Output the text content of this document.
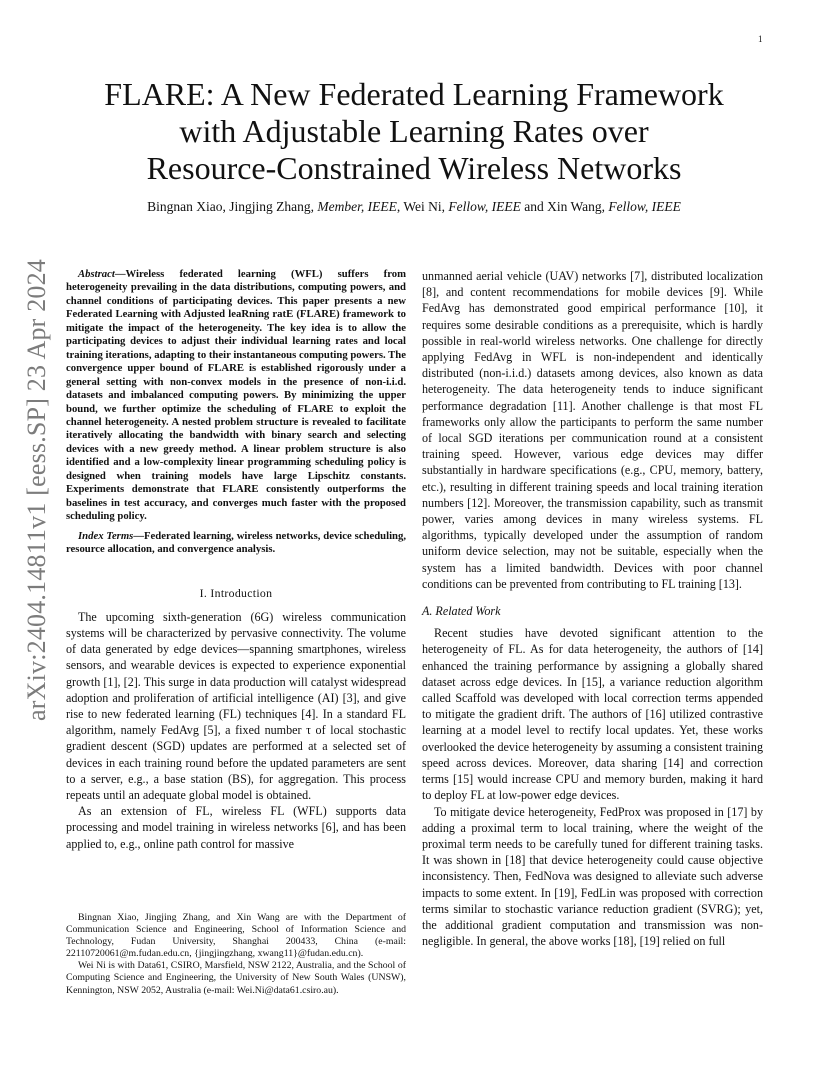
1
arXiv:2404.14811v1 [eess.SP] 23 Apr 2024
FLARE: A New Federated Learning Framework
with Adjustable Learning Rates over
Resource-Constrained Wireless Networks
Bingnan Xiao, Jingjing Zhang, Member, IEEE, Wei Ni, Fellow, IEEE and Xin Wang, Fellow, IEEE
Abstract—Wireless federated learning (WFL) suffers from heterogeneity prevailing in the data distributions, computing powers, and channel conditions of participating devices. This paper presents a new Federated Learning with Adjusted leaRning ratE (FLARE) framework to mitigate the impact of the heterogeneity. The key idea is to allow the participating devices to adjust their individual learning rates and local training iterations, adapting to their instantaneous computing powers. The convergence upper bound of FLARE is established rigorously under a general setting with non-convex models in the presence of non-i.i.d. datasets and imbalanced computing powers. By minimizing the upper bound, we further optimize the scheduling of FLARE to exploit the channel heterogeneity. A nested problem structure is revealed to facilitate iteratively allocating the bandwidth with binary search and selecting devices with a new greedy method. A linear problem structure is also identified and a low-complexity linear programming scheduling policy is designed when training models have large Lipschitz constants. Experiments demonstrate that FLARE consistently outperforms the baselines in test accuracy, and converges much faster with the proposed scheduling policy.
Index Terms—Federated learning, wireless networks, device scheduling, resource allocation, and convergence analysis.
I. Introduction

The upcoming sixth-generation (6G) wireless communication systems will be characterized by pervasive connectivity. The volume of data generated by edge devices—spanning smartphones, wireless sensors, and wearable devices is expected to experience exponential growth [1], [2]. This surge in data production will catalyst widespread adoption and proliferation of artificial intelligence (AI) [3], and give rise to new federated learning (FL) techniques [4]. In a standard FL algorithm, namely FedAvg [5], a fixed number τ of local stochastic gradient descent (SGD) updates are performed at a selected set of devices in each training round before the updated parameters are sent to a server, e.g., a base station (BS), for aggregation. This process repeats until an adequate global model is obtained.

As an extension of FL, wireless FL (WFL) supports data processing and model training in wireless networks [6], and has been applied to, e.g., online path control for massive

Bingnan Xiao, Jingjing Zhang, and Xin Wang are with the Department of Communication Science and Engineering, School of Information Science and Technology, Fudan University, Shanghai 200433, China (e-mail: 22110720061@m.fudan.edu.cn, {jingjingzhang, xwang11}@fudan.edu.cn).

Wei Ni is with Data61, CSIRO, Marsfield, NSW 2122, Australia, and the School of Computing Science and Engineering, the University of New South Wales (UNSW), Kennington, NSW 2052, Australia (e-mail: Wei.Ni@data61.csiro.au).

unmanned aerial vehicle (UAV) networks [7], distributed localization [8], and content recommendations for mobile devices [9]. While FedAvg has demonstrated good empirical performance [10], it requires some desirable conditions as a prerequisite, which is hardly possible in real-world wireless networks. One challenge for directly applying FedAvg in WFL is non-independent and identically distributed (non-i.i.d.) datasets among devices, also known as data heterogeneity. The data heterogeneity tends to induce significant performance degradation [11]. Another challenge is that most FL frameworks only allow the participants to perform the same number of local SGD iterations per communication round at a consistent training speed. However, various edge devices may differ substantially in hardware specifications (e.g., CPU, memory, battery, etc.), resulting in different training speeds and local training iteration numbers [12]. Moreover, the transmission capability, such as transmit power, varies among devices in many wireless systems. FL algorithms, typically developed under the assumption of random uniform device selection, may not be suitable, especially when the system has a limited bandwidth. Devices with poor channel conditions can be prevented from contributing to FL training [13].

A. Related Work

Recent studies have devoted significant attention to the heterogeneity of FL. As for data heterogeneity, the authors of [14] enhanced the training performance by assigning a globally shared dataset across edge devices. In [15], a variance reduction algorithm called Scaffold was developed with local correction terms appended to mitigate the gradient drift. The authors of [16] utilized contrastive learning at a model level to rectify local updates. Yet, these works overlooked the device heterogeneity by assuming a consistent training speed across devices. Moreover, data sharing [14] and correction terms [15] would increase CPU and memory burden, making it hard to deploy FL at low-power edge devices.

To mitigate device heterogeneity, FedProx was proposed in [17] by adding a proximal term to local training, where the weight of the proximal term needs to be carefully tuned for different training tasks. It was shown in [18] that device heterogeneity could cause objective inconsistency. Then, FedNova was designed to alleviate such adverse impacts to some extent. In [19], FedLin was proposed with correction terms similar to stochastic variance reduction gradient (SVRG); yet, the additional gradient computation and transmission was non-negligible. In general, the above works [18], [19] relied on full
